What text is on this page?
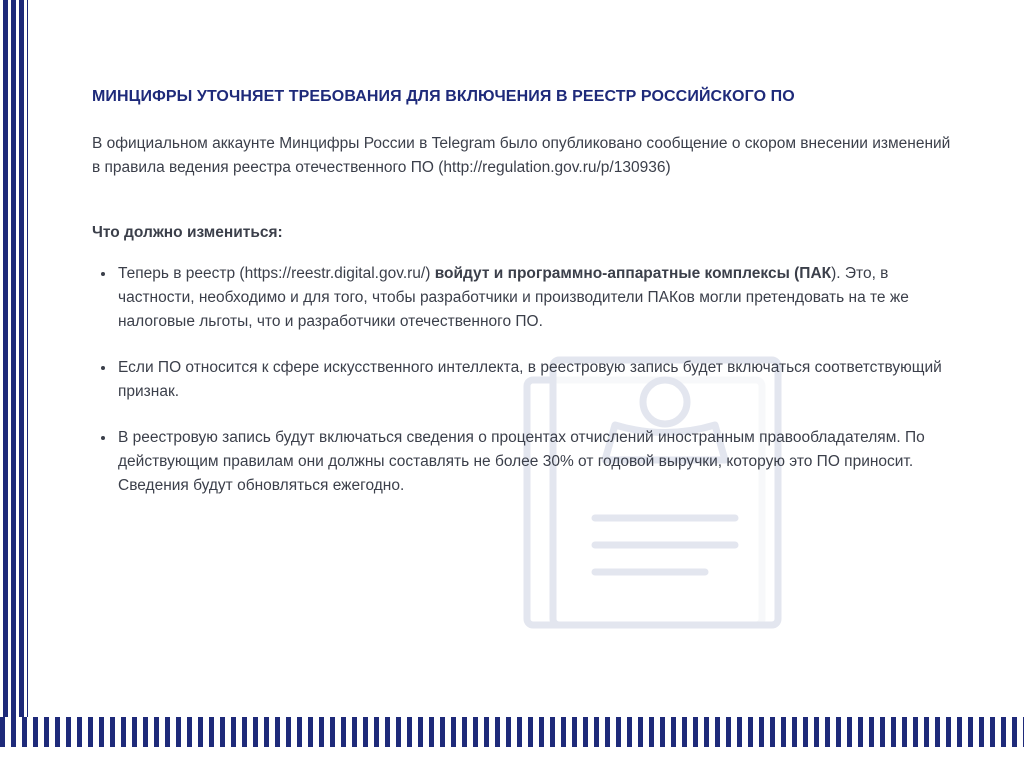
МИНЦИФРЫ УТОЧНЯЕТ ТРЕБОВАНИЯ ДЛЯ ВКЛЮЧЕНИЯ В РЕЕСТР РОССИЙСКОГО ПО

В официальном аккаунте Минцифры России в Telegram было опубликовано сообщение о скором внесении изменений в правила ведения реестра отечественного ПО (http://regulation.gov.ru/p/130936)

Что должно измениться:

• Теперь в реестр (https://reestr.digital.gov.ru/) войдут и программно-аппаратные комплексы (ПАК). Это, в частности, необходимо и для того, чтобы разработчики и производители ПАКов могли претендовать на те же налоговые льготы, что и разработчики отечественного ПО.
• Если ПО относится к сфере искусственного интеллекта, в реестровую запись будет включаться соответствующий признак.
• В реестровую запись будут включаться сведения о процентах отчислений иностранным правообладателям. По действующим правилам они должны составлять не более 30% от годовой выручки, которую это ПО приносит. Сведения будут обновляться ежегодно.
